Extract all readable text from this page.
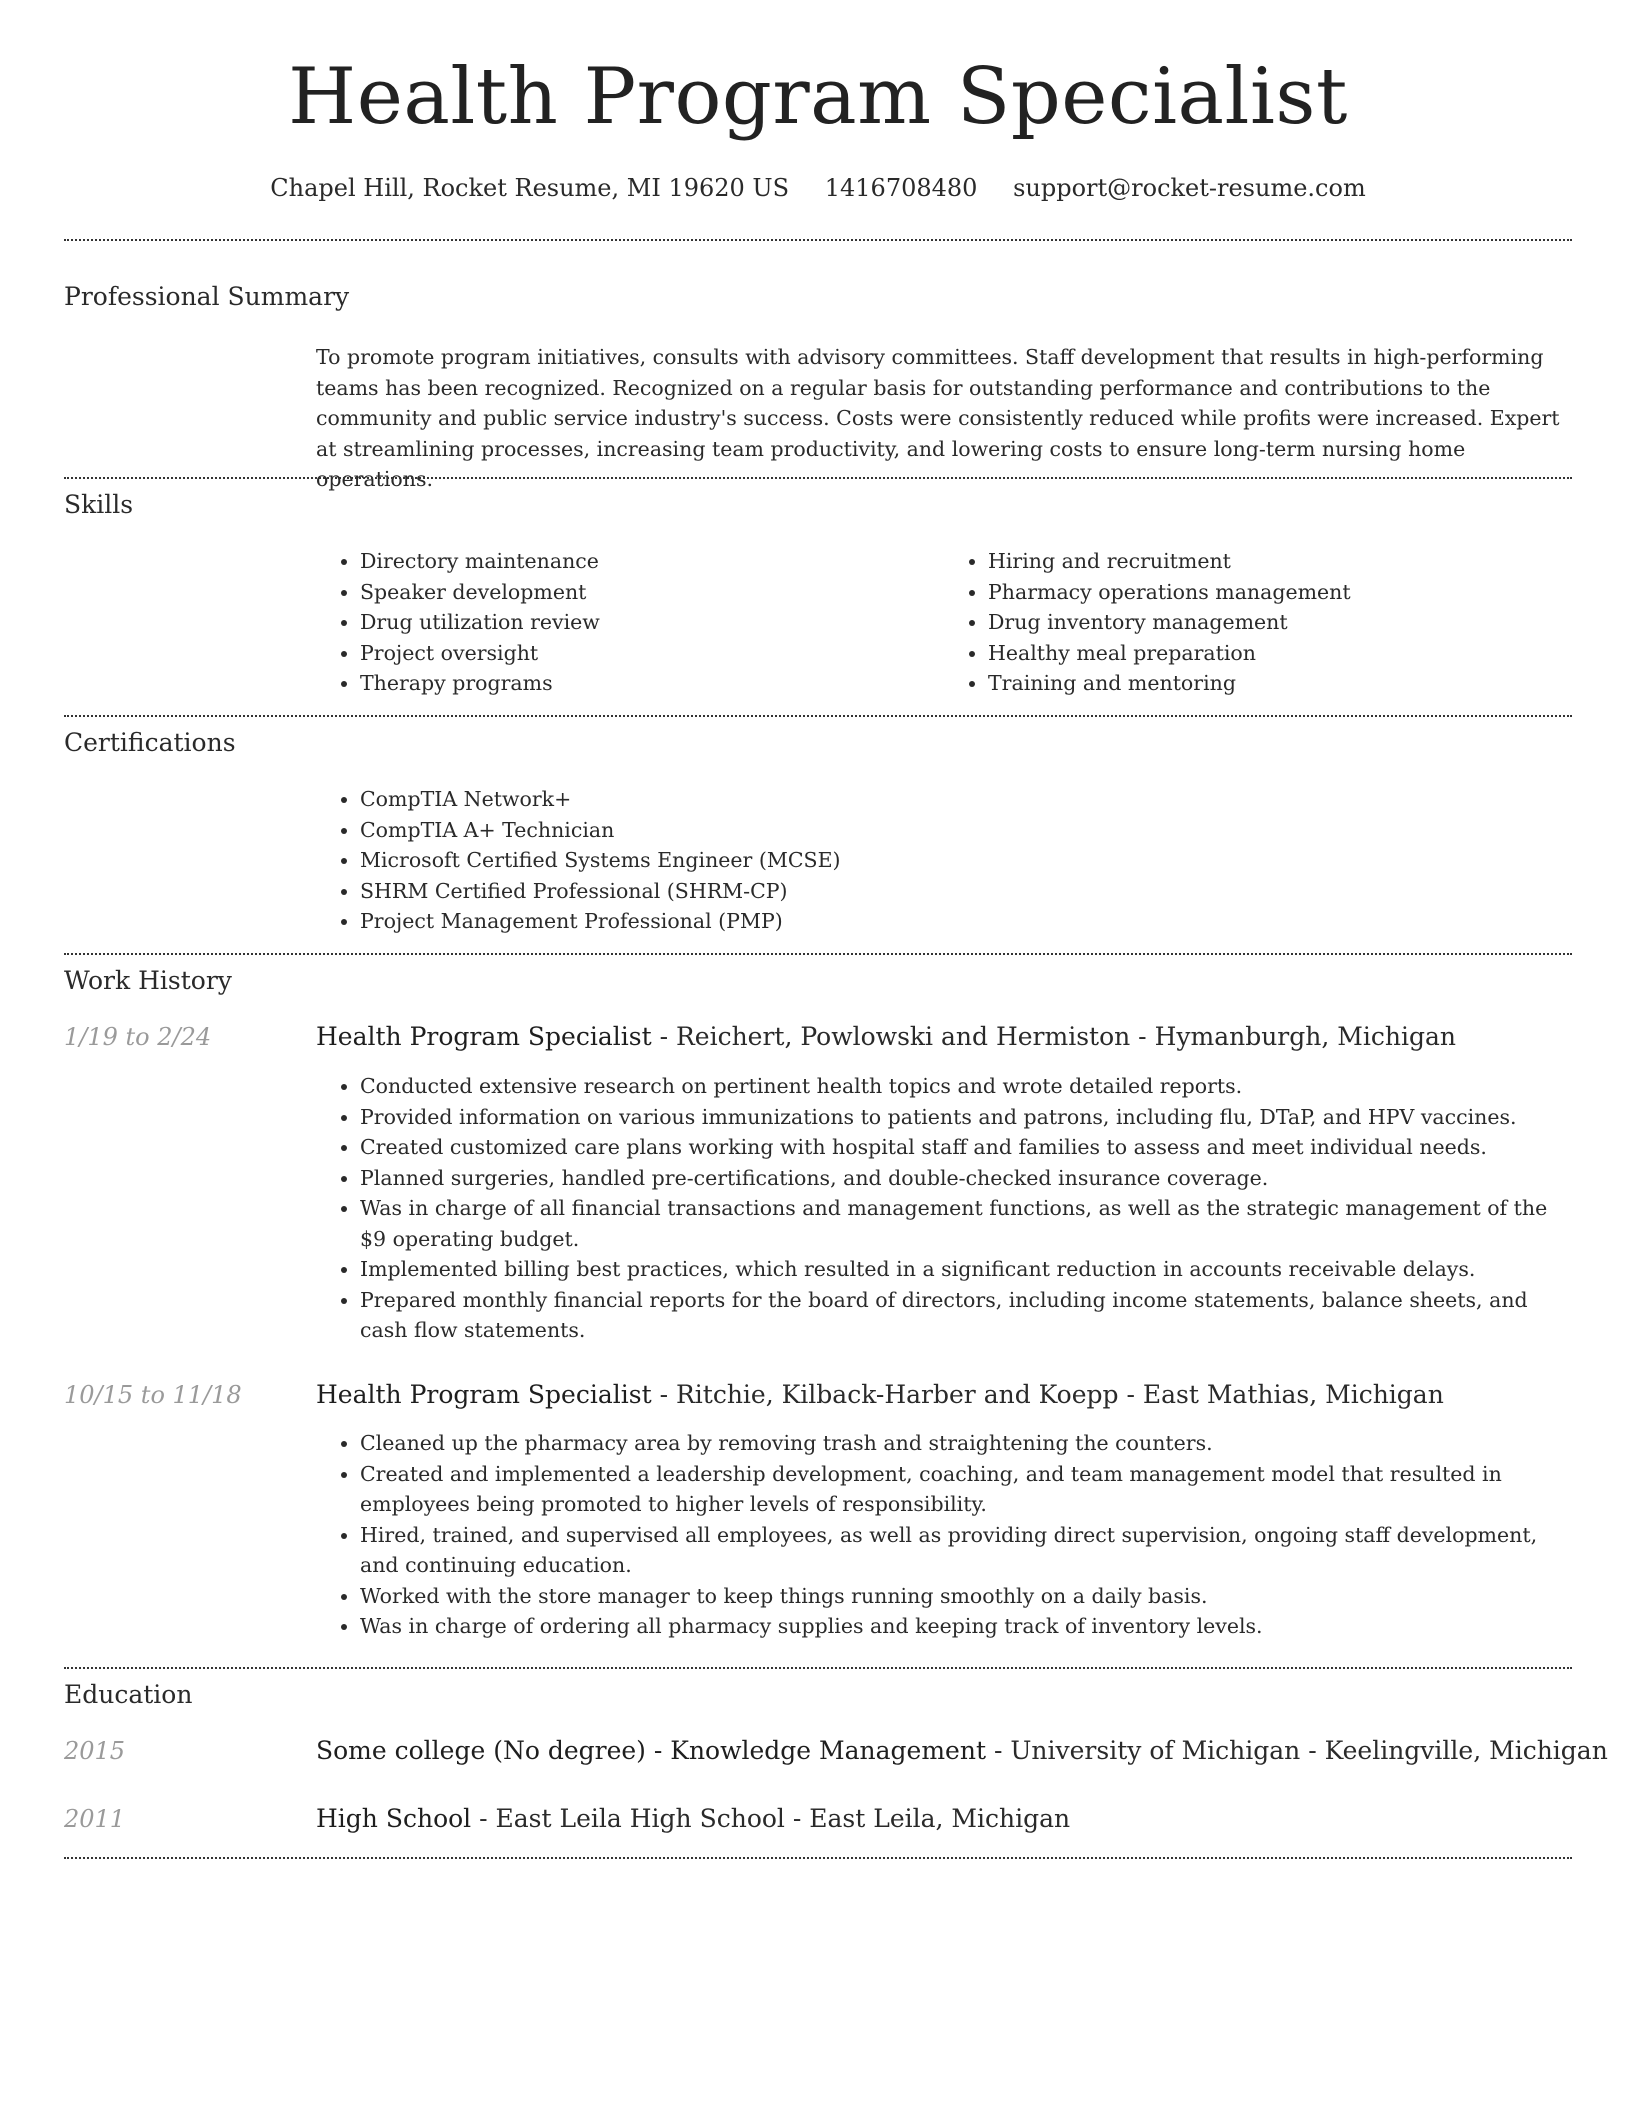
Health Program Specialist
Chapel Hill, Rocket Resume, MI 19620 US 1416708480 support@rocket-resume.com
Professional Summary
To promote program initiatives, consults with advisory committees. Staff development that results in high-performing teams has been recognized. Recognized on a regular basis for outstanding performance and contributions to the community and public service industry's success. Costs were consistently reduced while profits were increased. Expert at streamlining processes, increasing team productivity, and lowering costs to ensure long-term nursing home operations.
Skills
• Directory maintenance
• Speaker development
• Drug utilization review
• Project oversight
• Therapy programs
• Hiring and recruitment
• Pharmacy operations management
• Drug inventory management
• Healthy meal preparation
• Training and mentoring
Certifications
• CompTIA Network+
• CompTIA A+ Technician
• Microsoft Certified Systems Engineer (MCSE)
• SHRM Certified Professional (SHRM-CP)
• Project Management Professional (PMP)
Work History
1/19 to 2/24	Health Program Specialist - Reichert, Powlowski and Hermiston - Hymanburgh, Michigan
• Conducted extensive research on pertinent health topics and wrote detailed reports.
• Provided information on various immunizations to patients and patrons, including flu, DTaP, and HPV vaccines.
• Created customized care plans working with hospital staff and families to assess and meet individual needs.
• Planned surgeries, handled pre-certifications, and double-checked insurance coverage.
• Was in charge of all financial transactions and management functions, as well as the strategic management of the $9 operating budget.
• Implemented billing best practices, which resulted in a significant reduction in accounts receivable delays.
• Prepared monthly financial reports for the board of directors, including income statements, balance sheets, and cash flow statements.
10/15 to 11/18	Health Program Specialist - Ritchie, Kilback-Harber and Koepp - East Mathias, Michigan
• Cleaned up the pharmacy area by removing trash and straightening the counters.
• Created and implemented a leadership development, coaching, and team management model that resulted in employees being promoted to higher levels of responsibility.
• Hired, trained, and supervised all employees, as well as providing direct supervision, ongoing staff development, and continuing education.
• Worked with the store manager to keep things running smoothly on a daily basis.
• Was in charge of ordering all pharmacy supplies and keeping track of inventory levels.
Education
2015	Some college (No degree) - Knowledge Management - University of Michigan - Keelingville, Michigan
2011	High School - East Leila High School - East Leila, Michigan
